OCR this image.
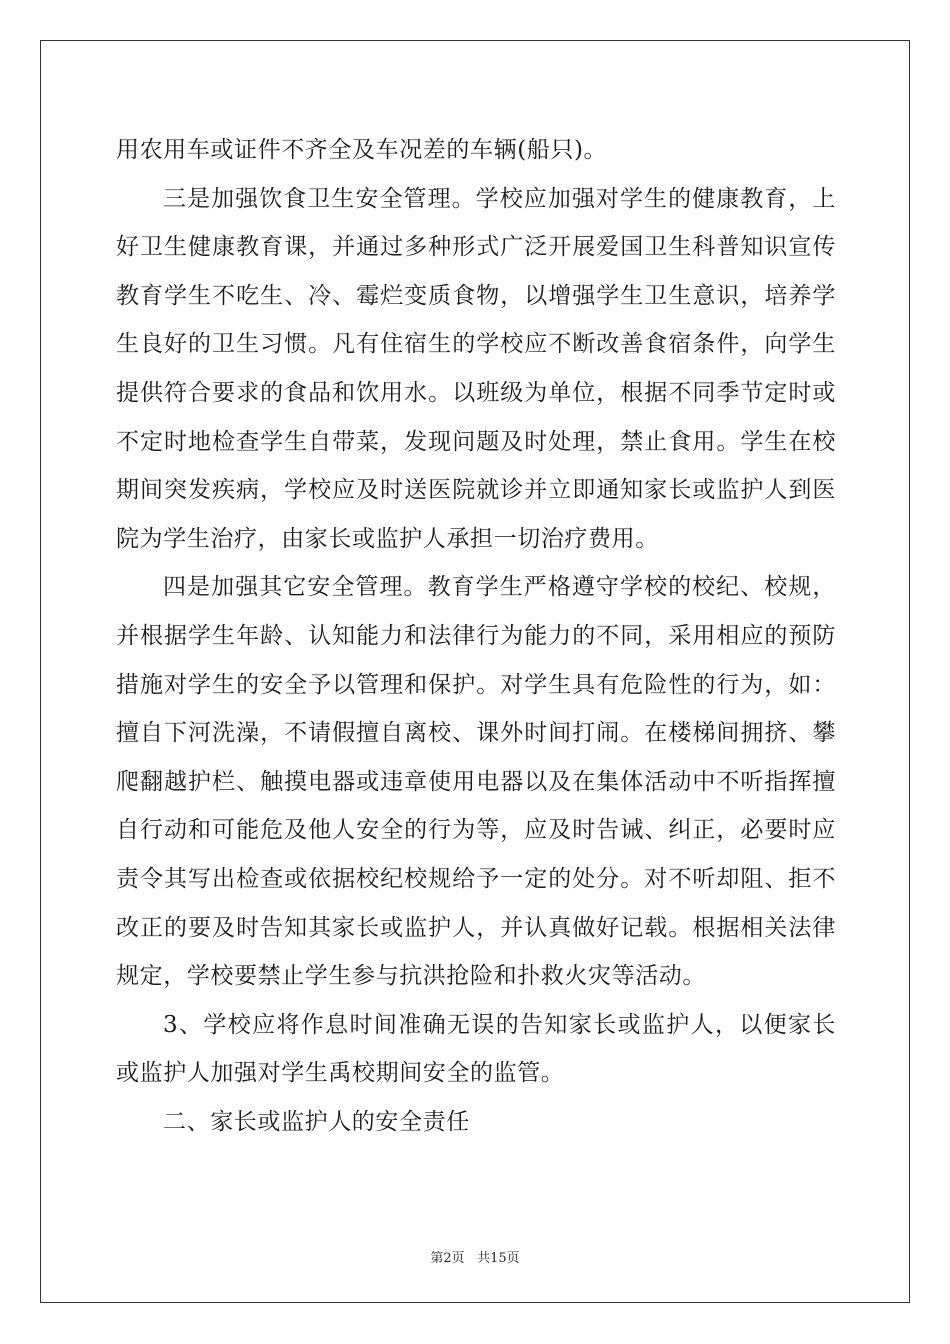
用农用车或证件不齐全及车况差的车辆(船只)。

三是加强饮食卫生安全管理。学校应加强对学生的健康教育，上好卫生健康教育课，并通过多种形式广泛开展爱国卫生科普知识宣传教育学生不吃生、冷、霉烂变质食物，以增强学生卫生意识，培养学生良好的卫生习惯。凡有住宿生的学校应不断改善食宿条件，向学生提供符合要求的食品和饮用水。以班级为单位，根据不同季节定时或不定时地检查学生自带菜，发现问题及时处理，禁止食用。学生在校期间突发疾病，学校应及时送医院就诊并立即通知家长或监护人到医院为学生治疗，由家长或监护人承担一切治疗费用。

四是加强其它安全管理。教育学生严格遵守学校的校纪、校规，并根据学生年龄、认知能力和法律行为能力的不同，采用相应的预防措施对学生的安全予以管理和保护。对学生具有危险性的行为，如：擅自下河洗澡，不请假擅自离校、课外时间打闹。在楼梯间拥挤、攀爬翻越护栏、触摸电器或违章使用电器以及在集体活动中不听指挥擅自行动和可能危及他人安全的行为等，应及时告诫、纠正，必要时应责令其写出检查或依据校纪校规给予一定的处分。对不听却阻、拒不改正的要及时告知其家长或监护人，并认真做好记载。根据相关法律规定，学校要禁止学生参与抗洪抢险和扑救火灾等活动。

3、学校应将作息时间准确无误的告知家长或监护人，以便家长或监护人加强对学生禹校期间安全的监管。

二、家长或监护人的安全责任

第2页 共15页
